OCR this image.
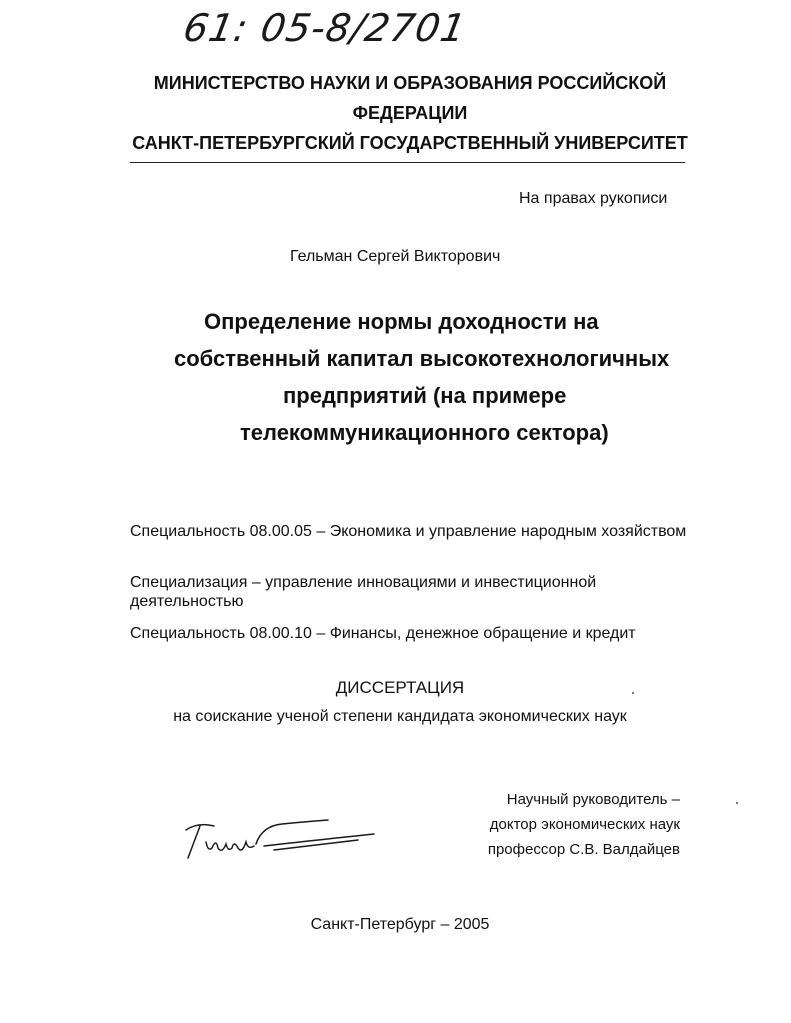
61: 05-8/2701
МИНИСТЕРСТВО НАУКИ И ОБРАЗОВАНИЯ РОССИЙСКОЙ
ФЕДЕРАЦИИ
САНКТ-ПЕТЕРБУРГСКИЙ ГОСУДАРСТВЕННЫЙ УНИВЕРСИТЕТ
На правах рукописи
Гельман Сергей Викторович
Определение нормы доходности на
собственный капитал высокотехнологичных
предприятий (на примере
телекоммуникационного сектора)
Специальность 08.00.05 – Экономика и управление народным хозяйством
Специализация – управление инновациями и инвестиционной деятельностью
Специальность 08.00.10 – Финансы, денежное обращение и кредит
ДИССЕРТАЦИЯ
на соискание ученой степени кандидата экономических наук
Научный руководитель –
доктор экономических наук
профессор С.В. Валдайцев
Санкт-Петербург – 2005
